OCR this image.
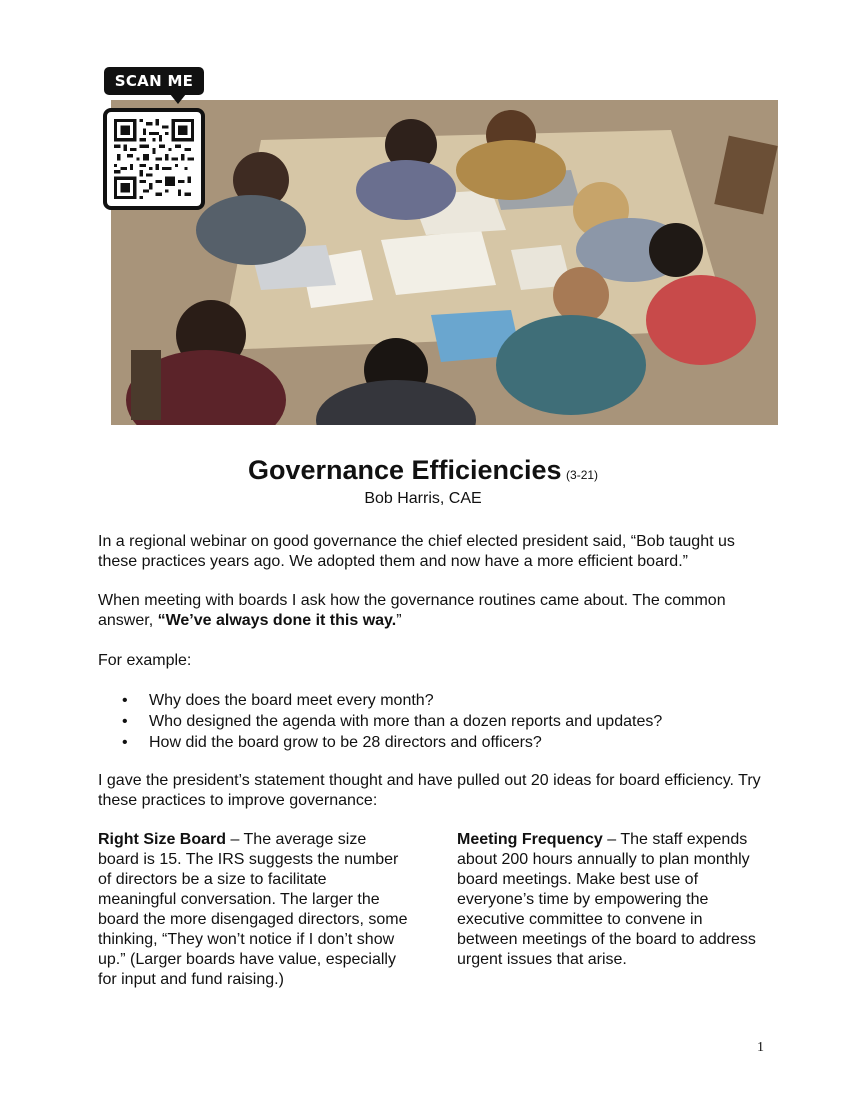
SCAN ME
Governance Efficiencies (3-21)
Bob Harris, CAE
In a regional webinar on good governance the chief elected president said, “Bob taught us these practices years ago. We adopted them and now have a more efficient board.”
When meeting with boards I ask how the governance routines came about. The common answer, “We’ve always done it this way.”
For example:
• Why does the board meet every month?
• Who designed the agenda with more than a dozen reports and updates?
• How did the board grow to be 28 directors and officers?
I gave the president’s statement thought and have pulled out 20 ideas for board efficiency. Try these practices to improve governance:
Right Size Board – The average size board is 15. The IRS suggests the number of directors be a size to facilitate meaningful conversation. The larger the board the more disengaged directors, some thinking, “They won’t notice if I don’t show up.” (Larger boards have value, especially for input and fund raising.)
Meeting Frequency – The staff expends about 200 hours annually to plan monthly board meetings. Make best use of everyone’s time by empowering the executive committee to convene in between meetings of the board to address urgent issues that arise.
1
